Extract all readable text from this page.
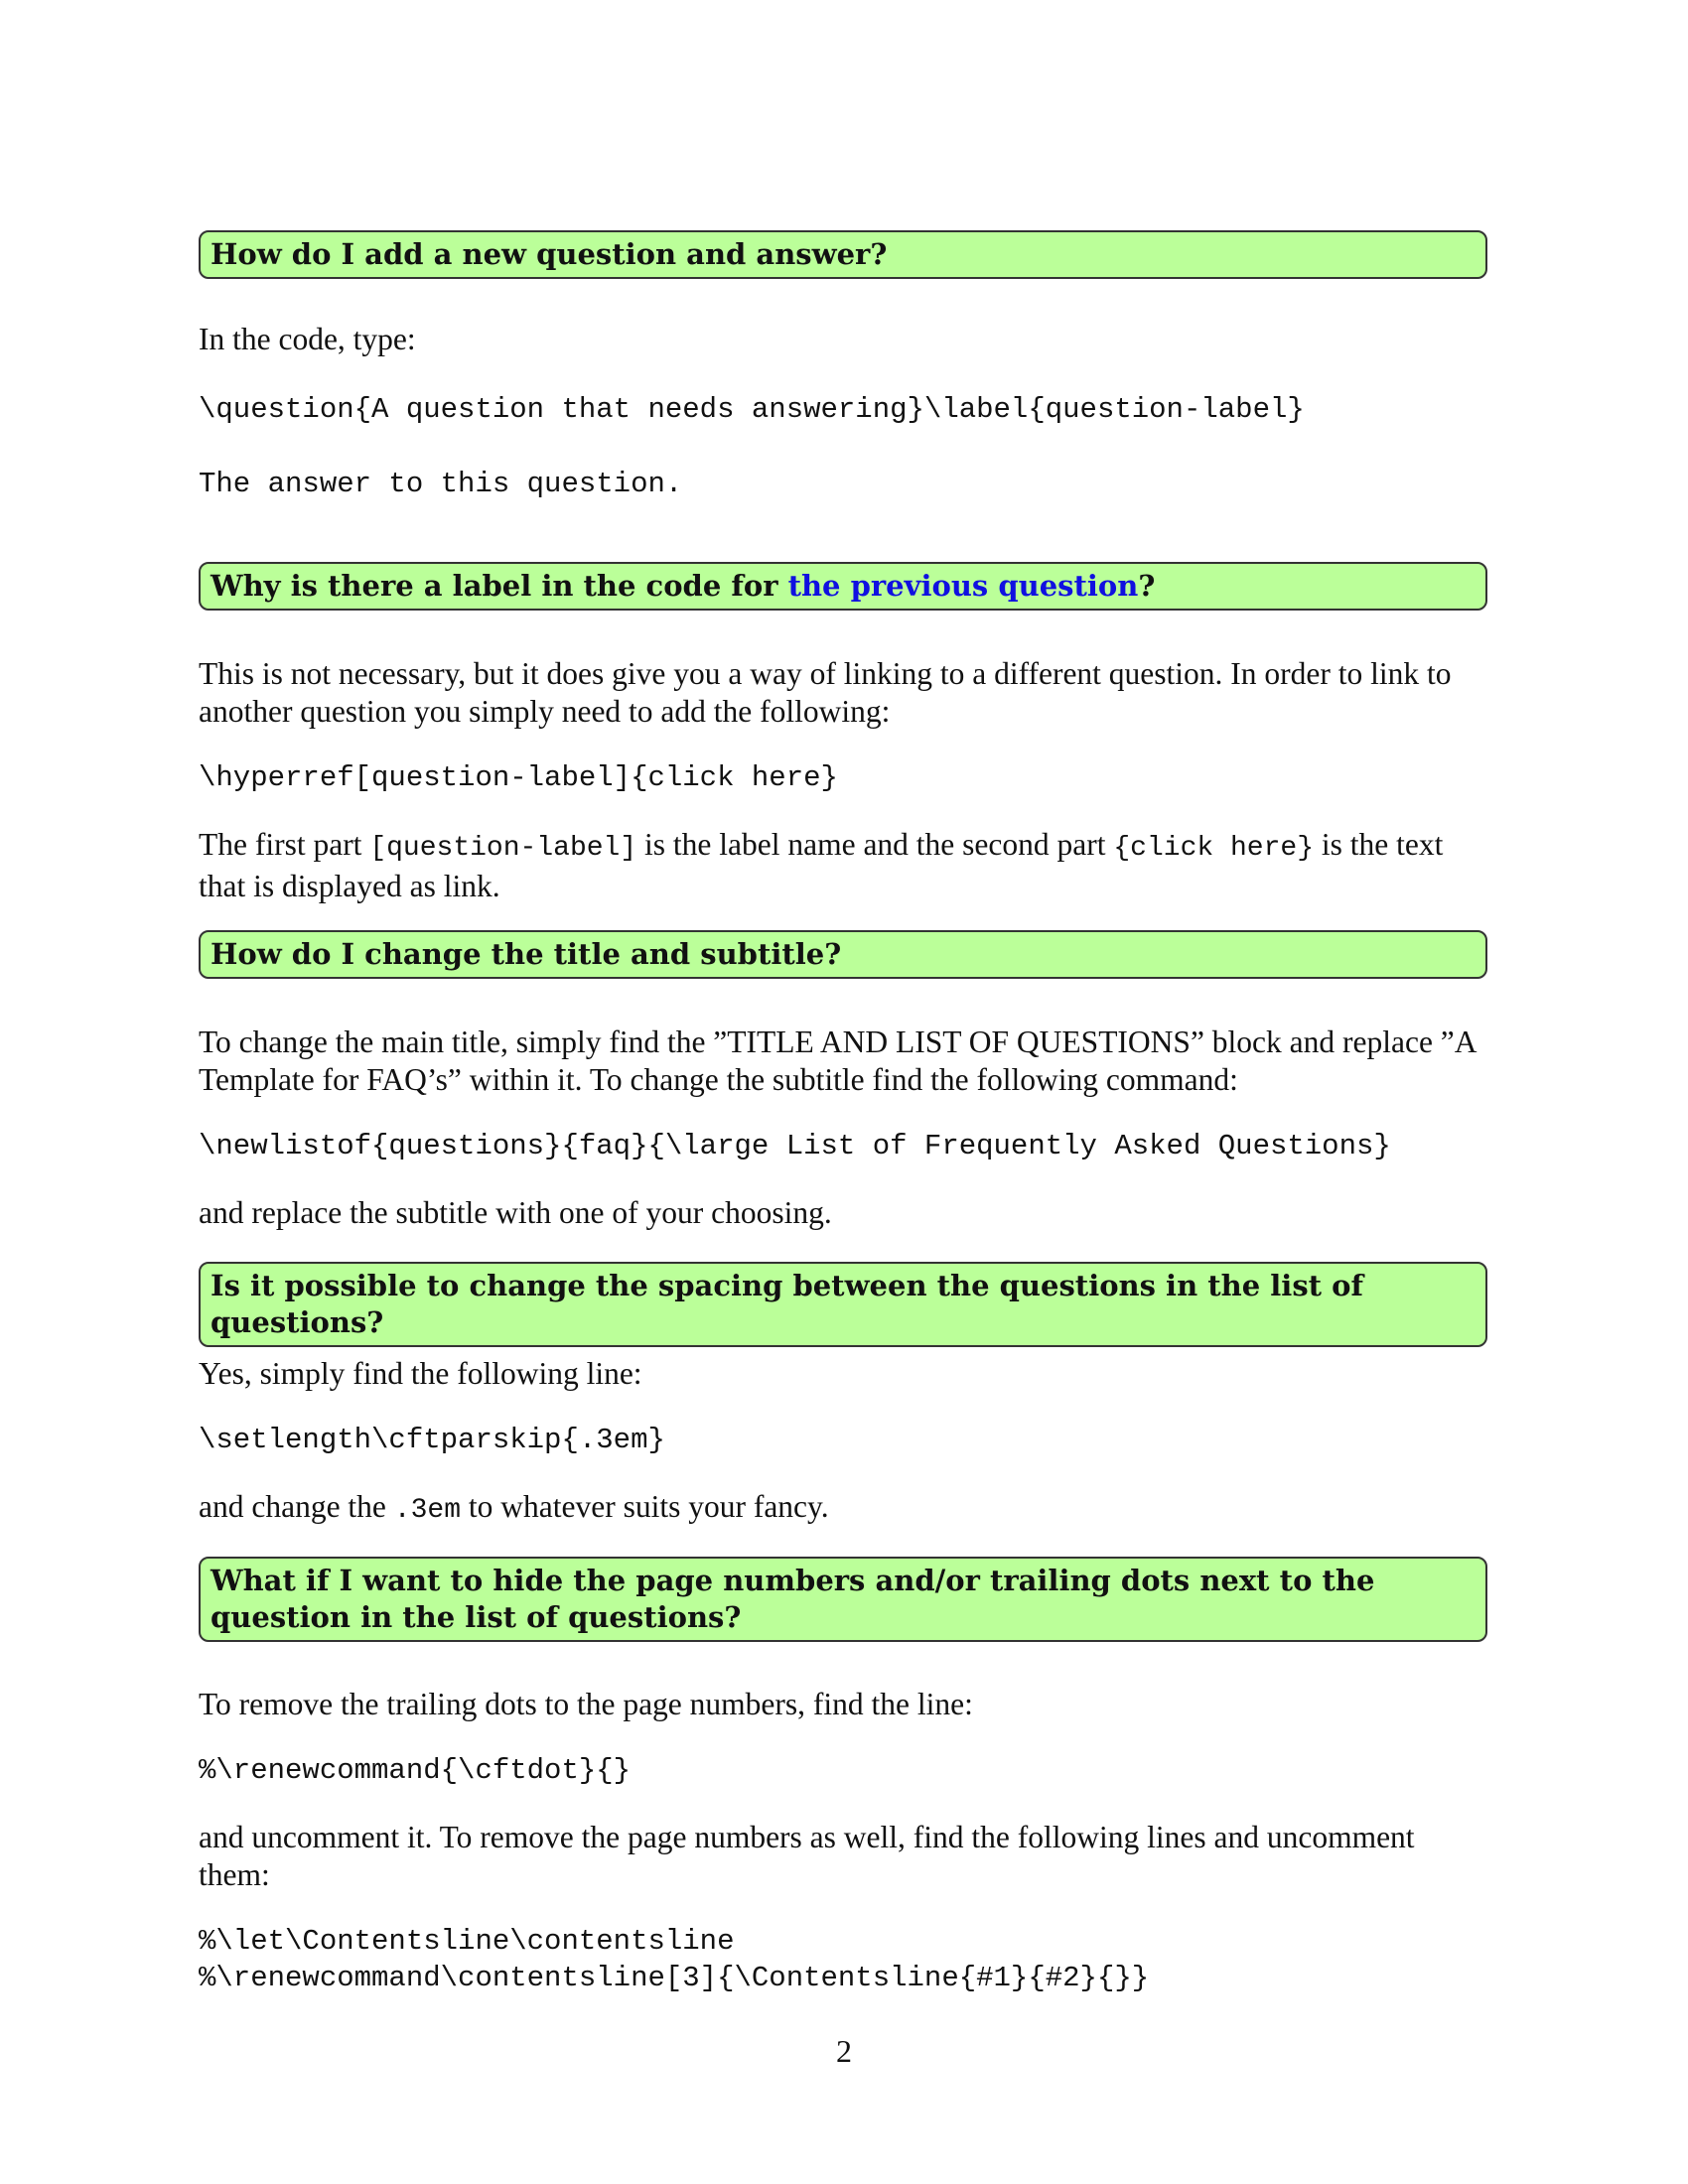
How do I add a new question and answer?

In the code, type:

\question{A question that needs answering}\label{question-label}

The answer to this question.

Why is there a label in the code for the previous question?

This is not necessary, but it does give you a way of linking to a different question. In order to link to another question you simply need to add the following:

\hyperref[question-label]{click here}

The first part [question-label] is the label name and the second part {click here} is the text that is displayed as link.

How do I change the title and subtitle?

To change the main title, simply find the ”TITLE AND LIST OF QUESTIONS” block and replace ”A Template for FAQ’s” within it. To change the subtitle find the following command:

\newlistof{questions}{faq}{\large List of Frequently Asked Questions}

and replace the subtitle with one of your choosing.

Is it possible to change the spacing between the questions in the list of questions?

Yes, simply find the following line:

\setlength\cftparskip{.3em}

and change the .3em to whatever suits your fancy.

What if I want to hide the page numbers and/or trailing dots next to the question in the list of questions?

To remove the trailing dots to the page numbers, find the line:

%\renewcommand{\cftdot}{}

and uncomment it. To remove the page numbers as well, find the following lines and uncomment them:

%\let\Contentsline\contentsline

%\renewcommand\contentsline[3]{\Contentsline{#1}{#2}{}}

2
